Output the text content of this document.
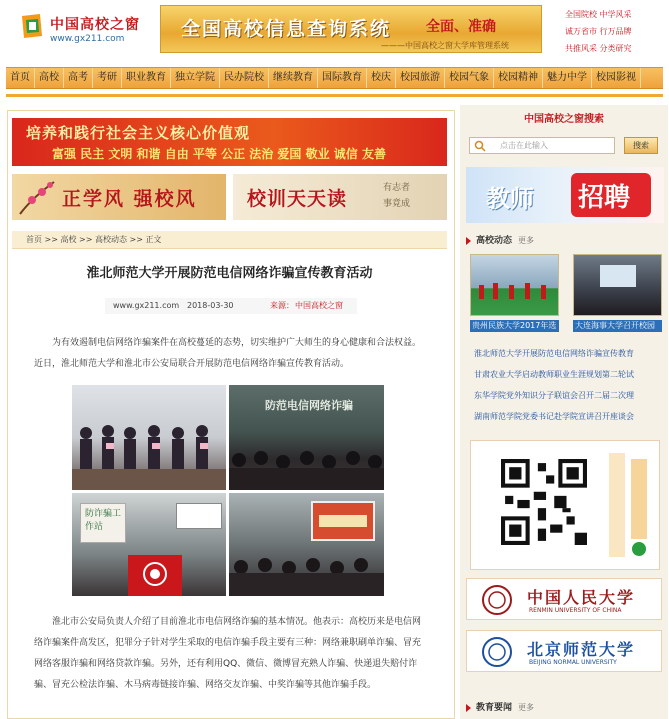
中国高校之窗
www.gx211.com	全国高校信息查询系统 全面、准确
———中国高校之窗大学库管理系统
全国院校 中学风采
诚万省市 行万品牌
共推风采 分类研究
首页 高校 高考 考研 职业教育 独立学院 民办院校 继续教育 国际教育 校庆 校园旅游 校园气象 校园精神 魅力中学 校园影视
培养和践行社会主义核心价值观
富强 民主 文明 和谐 自由 平等 公正 法治 爱国 敬业 诚信 友善
正学风 强校风	校训天天读	有志者
事竟成
首页 >> 高校 >> 高校动态 >> 正文
淮北师范大学开展防范电信网络诈骗宣传教育活动
www.gx211.com 2018-03-30	来源： 中国高校之窗
为有效遏制电信网络诈骗案件在高校蔓延的态势，切实维护广大师生的身心健康和合法权益。近日，淮北师范大学和淮北市公安局联合开展防范电信网络诈骗宣传教育活动。
防范电信网络诈骗
防诈骗工作站
淮北市公安局负责人介绍了目前淮北市电信网络诈骗的基本情况。他表示：高校历来是电信网络诈骗案件高发区，犯罪分子针对学生采取的电信诈骗手段主要有三种：网络兼职刷单诈骗、冒充网络客服诈骗和网络贷款诈骗。另外，还有利用QQ、微信、微博冒充熟人诈骗、快递退失赔付诈骗、冒充公检法诈骗、木马病毒链接诈骗、网络交友诈骗、中奖诈骗等其他诈骗手段。
中国高校之窗搜索
点击在此输入	搜索
教师 招聘
高校动态 更多
贵州民族大学2017年选	大连海事大学召开校园
淮北师范大学开展防范电信网络诈骗宣传教育
甘肃农业大学启动教师职业生涯规划第二轮试
东华学院党外知识分子联谊会召开二届二次理
湖南师范学院党委书记赴学院宣讲召开座谈会
中国人民大学
RENMIN UNIVERSITY OF CHINA
北京师范大学
BEIJING NORMAL UNIVERSITY
教育要闻 更多
